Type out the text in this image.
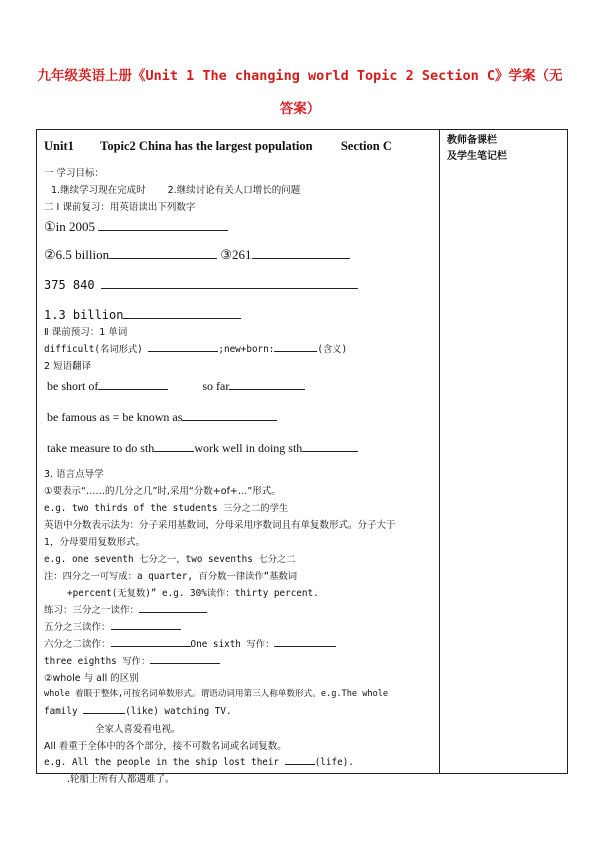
九年级英语上册《Unit 1 The changing world Topic 2 Section C》学案（无
答案）
教师备课栏
及学生笔记栏
Unit1 Topic2 China has the largest population Section C
一 学习目标：
1.继续学习现在完成时 2.继续讨论有关人口增长的问题
二 Ⅰ 课前复习：用英语读出下列数字
①in 2005
②6.5 billion	③261
375 840
1.3 billion
Ⅱ 课前预习：1 单词
difficult(名词形式)	;new+born:	(含义)
2 短语翻译
be short of	so far
be famous as = be known as
take measure to do sth	work well in doing sth
3. 语言点导学
①要表示“……的几分之几”时,采用“分数+of+…”形式。
e.g. two thirds of the students 三分之二的学生
英语中分数表示法为：分子采用基数词，分母采用序数词且有单复数形式。分子大于
1，分母要用复数形式。
e.g. one seventh 七分之一，two sevenths 七分之二
注：四分之一可写成：a quarter, 百分数一律读作“基数词
+percent(无复数)” e.g. 30%读作：thirty percent.
练习：三分之一读作：
五分之三读作：
六分之二读作：	One sixth 写作：
three eighths 写作：
②whole 与 all 的区别
whole 着眼于整体,可按名词单数形式。谓语动词用第三人称单数形式。e.g.The whole
family	(like) watching TV.
全家人喜爱看电视。
All 着重于全体中的各个部分，接不可数名词或名词复数。
e.g. All the people in the ship lost their	(life).
.轮船上所有人都遇难了。
